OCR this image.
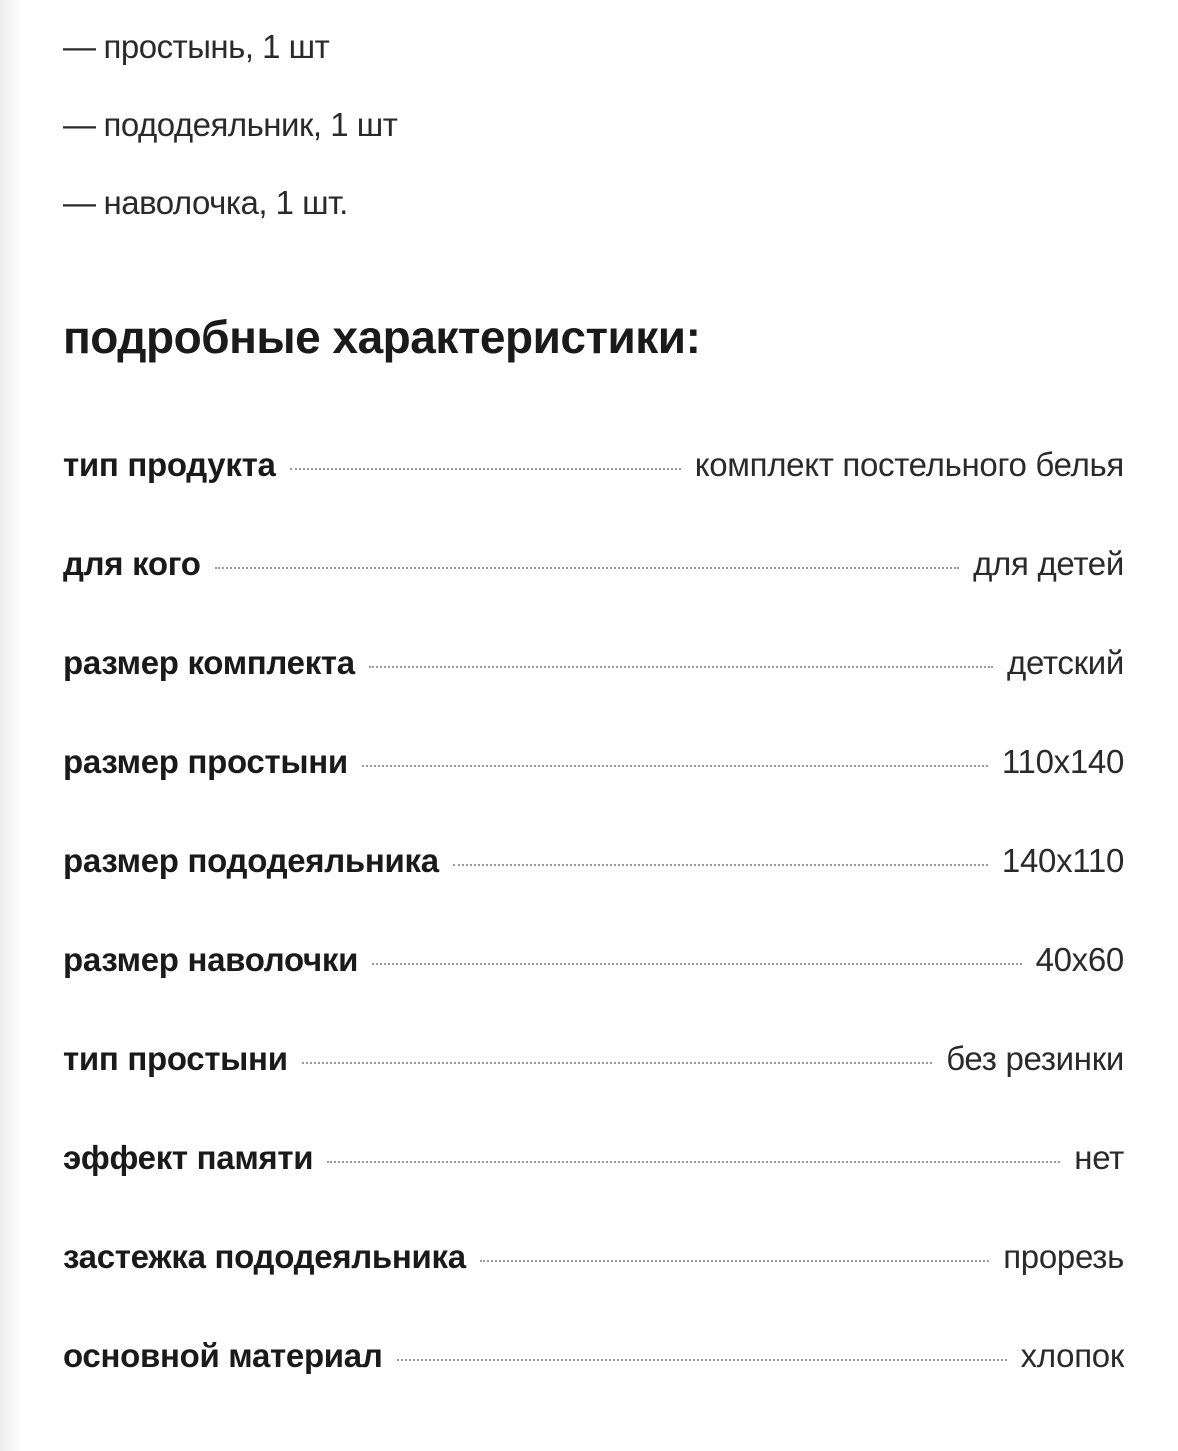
— простынь, 1 шт
— пододеяльник, 1 шт
— наволочка, 1 шт.
подробные характеристики:
тип продукта	комплект постельного белья
для кого	для детей
размер комплекта	детский
размер простыни	110x140
размер пододеяльника	140x110
размер наволочки	40x60
тип простыни	без резинки
эффект памяти	нет
застежка пододеяльника	прорезь
основной материал	хлопок
